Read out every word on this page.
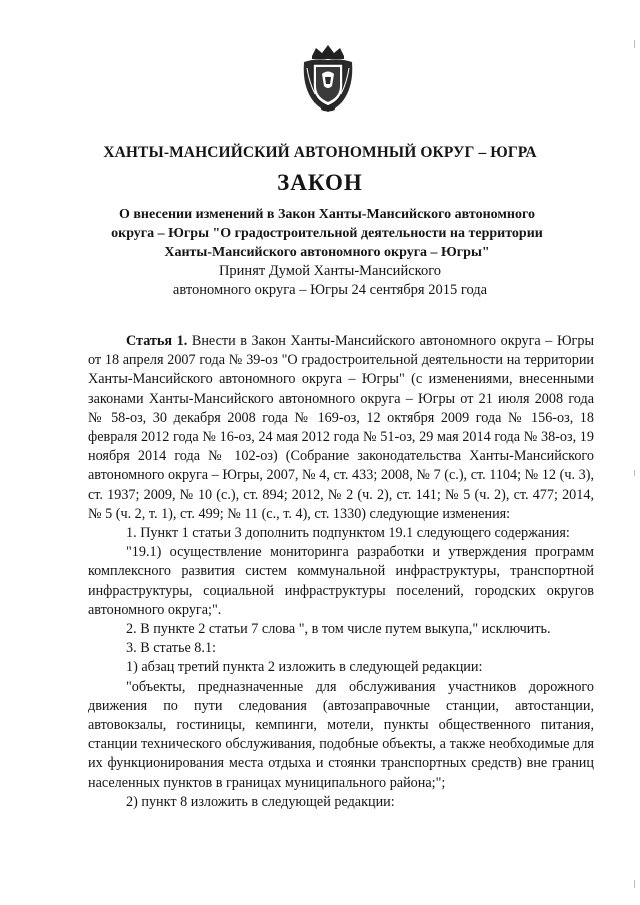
ХАНТЫ-МАНСИЙСКИЙ АВТОНОМНЫЙ ОКРУГ – ЮГРА
ЗАКОН
О внесении изменений в Закон Ханты-Мансийского автономного
округа – Югры "О градостроительной деятельности на территории
Ханты-Мансийского автономного округа – Югры"
Принят Думой Ханты-Мансийского
автономного округа – Югры 24 сентября 2015 года

Статья 1. Внести в Закон Ханты-Мансийского автономного округа – Югры от 18 апреля 2007 года № 39-оз "О градостроительной деятельности на территории Ханты-Мансийского автономного округа – Югры" (с изменениями, внесенными законами Ханты-Мансийского автономного округа – Югры от 21 июля 2008 года № 58-оз, 30 декабря 2008 года № 169-оз, 12 октября 2009 года № 156-оз, 18 февраля 2012 года № 16-оз, 24 мая 2012 года № 51-оз, 29 мая 2014 года № 38-оз, 19 ноября 2014 года № 102-оз) (Собрание законодательства Ханты-Мансийского автономного округа – Югры, 2007, № 4, ст. 433; 2008, № 7 (с.), ст. 1104; № 12 (ч. 3), ст. 1937; 2009, № 10 (с.), ст. 894; 2012, № 2 (ч. 2), ст. 141; № 5 (ч. 2), ст. 477; 2014, № 5 (ч. 2, т. 1), ст. 499; № 11 (с., т. 4), ст. 1330) следующие изменения:

1. Пункт 1 статьи 3 дополнить подпунктом 19.1 следующего содержания:

"19.1) осуществление мониторинга разработки и утверждения программ комплексного развития систем коммунальной инфраструктуры, транспортной инфраструктуры, социальной инфраструктуры поселений, городских округов автономного округа;".

2. В пункте 2 статьи 7 слова ", в том числе путем выкупа," исключить.

3. В статье 8.1:

1) абзац третий пункта 2 изложить в следующей редакции:

"объекты, предназначенные для обслуживания участников дорожного движения по пути следования (автозаправочные станции, автостанции, автовокзалы, гостиницы, кемпинги, мотели, пункты общественного питания, станции технического обслуживания, подобные объекты, а также необходимые для их функционирования места отдыха и стоянки транспортных средств) вне границ населенных пунктов в границах муниципального района;";

2) пункт 8 изложить в следующей редакции:
